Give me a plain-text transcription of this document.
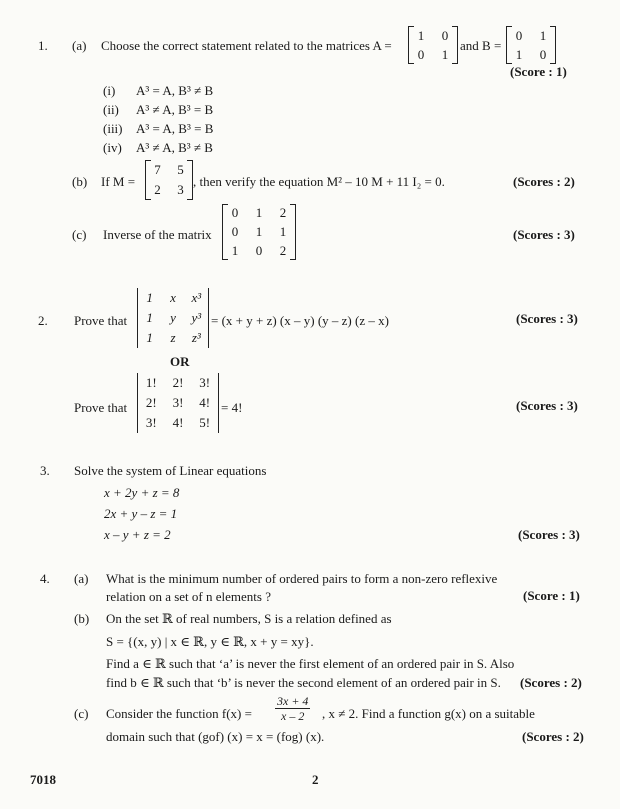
1. (a) Choose the correct statement related to the matrices A =
1 0
0 1
and B =
0 1
1 0
(Score : 1)
(i) A³ = A, B³ ≠ B
(ii) A³ ≠ A, B³ = B
(iii) A³ = A, B³ = B
(iv) A³ ≠ A, B³ ≠ B
(b) If M =
7 5
2 3
, then verify the equation M² – 10 M + 11 I₂ = 0.	(Scores : 2)
(c) Inverse of the matrix
0 1 2
0 1 1
1 0 2
(Scores : 3)
2. Prove that
1 x x³
1 y y³
1 z z³
= (x + y + z) (x – y) (y – z) (z – x)	(Scores : 3)
OR
Prove that
1! 2! 3!
2! 3! 4!
3! 4! 5!
= 4!	(Scores : 3)
3. Solve the system of Linear equations
x + 2y + z = 8
2x + y – z = 1
x – y + z = 2	(Scores : 3)
4. (a) What is the minimum number of ordered pairs to form a non-zero reflexive
relation on a set of n elements ?	(Score : 1)
(b) On the set ℝ of real numbers, S is a relation defined as
S = {(x, y) | x ∈ ℝ, y ∈ ℝ, x + y = xy}.
Find a ∈ ℝ such that ‘a’ is never the first element of an ordered pair in S. Also
find b ∈ ℝ such that ‘b’ is never the second element of an ordered pair in S. (Scores : 2)
(c) Consider the function $f(x) = \frac{3x + 4}{x - 2}$ , x ≠ 2. Find a function g(x) on a suitable
domain such that (gof) (x) = x = (fog) (x).	(Scores : 2)
7018	2
